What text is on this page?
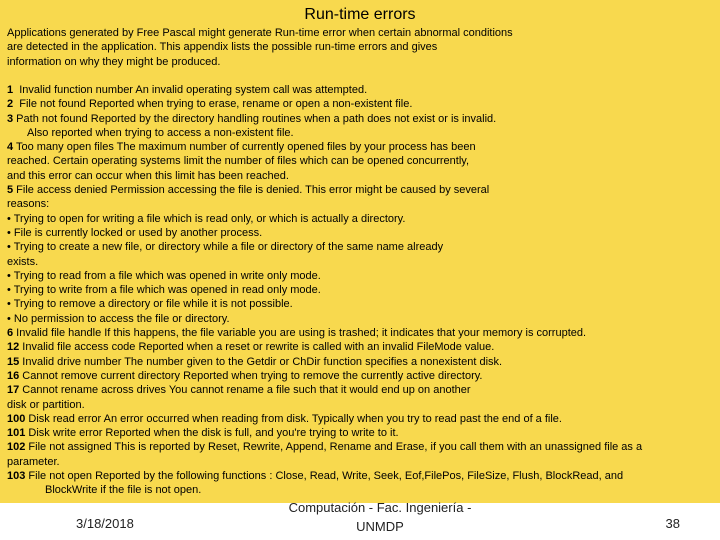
Run-time errors
Applications generated by Free Pascal might generate Run-time error when certain abnormal conditions
are detected in the application. This appendix lists the possible run-time errors and gives
information on why they might be produced.
1  Invalid function number An invalid operating system call was attempted.
2  File not found Reported when trying to erase, rename or open a non-existent file.
3 Path not found Reported by the directory handling routines when a path does not exist or is invalid.
Also reported when trying to access a non-existent file.
4 Too many open files The maximum number of currently opened files by your process has been
reached. Certain operating systems limit the number of files which can be opened concurrently,
and this error can occur when this limit has been reached.
5 File access denied Permission accessing the file is denied. This error might be caused by several
reasons:
• Trying to open for writing a file which is read only, or which is actually a directory.
• File is currently locked or used by another process.
• Trying to create a new file, or directory while a file or directory of the same name already
exists.
• Trying to read from a file which was opened in write only mode.
• Trying to write from a file which was opened in read only mode.
• Trying to remove a directory or file while it is not possible.
• No permission to access the file or directory.
6 Invalid file handle If this happens, the file variable you are using is trashed; it indicates that your memory is corrupted.
12 Invalid file access code Reported when a reset or rewrite is called with an invalid FileMode value.
15 Invalid drive number The number given to the Getdir or ChDir function specifies a nonexistent disk.
16 Cannot remove current directory Reported when trying to remove the currently active directory.
17 Cannot rename across drives You cannot rename a file such that it would end up on another
disk or partition.
100 Disk read error An error occurred when reading from disk. Typically when you try to read past the end of a file.
101 Disk write error Reported when the disk is full, and you're trying to write to it.
102 File not assigned This is reported by Reset, Rewrite, Append, Rename and Erase, if you call them with an unassigned file as a
parameter.
103 File not open Reported by the following functions : Close, Read, Write, Seek, Eof,FilePos, FileSize, Flush, BlockRead, and
BlockWrite if the file is not open.
3/18/2018
Computación - Fac. Ingeniería -
UNMDP	38
